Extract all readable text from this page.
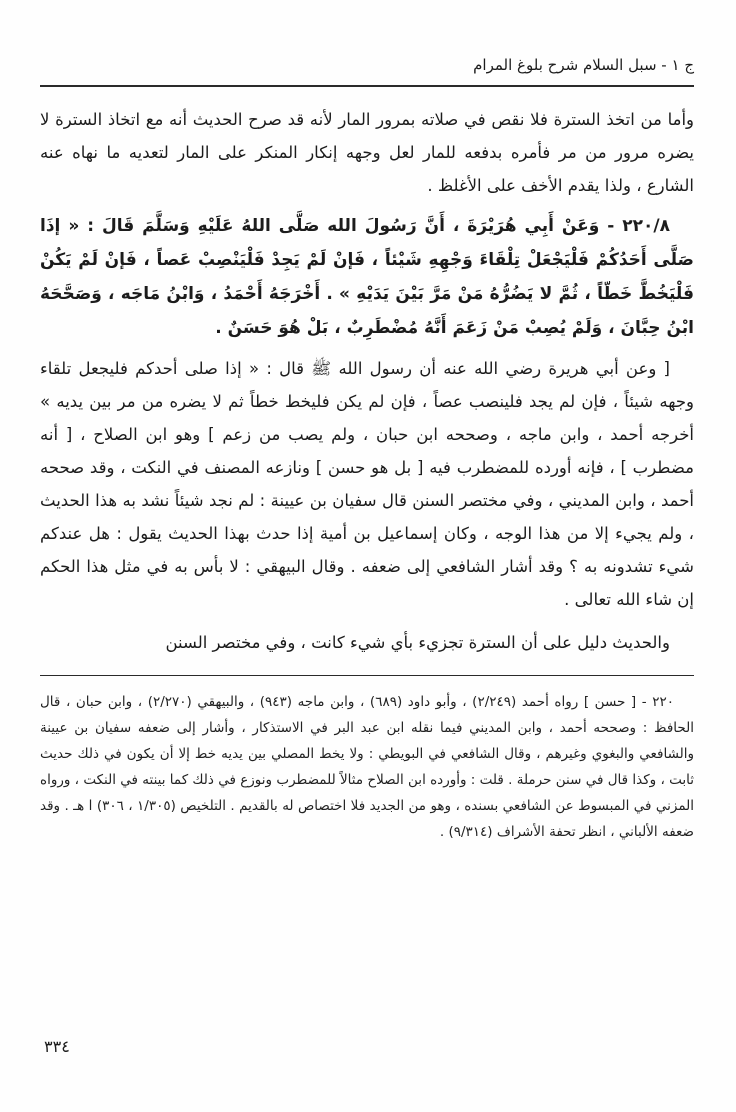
ج ١ - سبل السلام شرح بلوغ المرام

وأما من اتخذ السترة فلا نقص في صلاته بمرور المار لأنه قد صرح الحديث أنه مع اتخاذ السترة لا يضره مرور من مر فأمره بدفعه للمار لعل وجهه إنكار المنكر على المار لتعديه ما نهاه عنه الشارع ، ولذا يقدم الأخف على الأغلظ .

٢٢٠/٨ - وَعَنْ أَبِي هُرَيْرَةَ ، أَنَّ رَسُولَ الله صَلَّى اللهُ عَلَيْهِ وَسَلَّمَ قَالَ : « إذَا صَلَّى أَحَدُكُمْ فَلْيَجْعَلْ تِلْقَاءَ وَجْهِهِ شَيْئاً ، فَإنْ لَمْ يَجِدْ فَلْيَنْصِبْ عَصاً ، فَإنْ لَمْ يَكُنْ فَلْيَخُطَّ خَطّاً ، ثُمَّ لا يَضُرُّهُ مَنْ مَرَّ بَيْنَ يَدَيْهِ » . أَخْرَجَهُ أَحْمَدُ ، وَابْنُ مَاجَه ، وَصَحَّحَهُ ابْنُ حِبَّانَ ، وَلَمْ يُصِبْ مَنْ زَعَمَ أَنَّهُ مُضْطَرِبٌ ، بَلْ هُوَ حَسَنٌ .

[ وعن أبي هريرة رضي الله عنه أن رسول الله ﷺ قال : « إذا صلى أحدكم فليجعل تلقاء وجهه شيئاً ، فإن لم يجد فلينصب عصاً ، فإن لم يكن فليخط خطاً ثم لا يضره من مر بين يديه » أخرجه أحمد ، وابن ماجه ، وصححه ابن حبان ، ولم يصب من زعم ] وهو ابن الصلاح ، [ أنه مضطرب ] ، فإنه أورده للمضطرب فيه [ بل هو حسن ] ونازعه المصنف في النكت ، وقد صححه أحمد ، وابن المديني ، وفي مختصر السنن قال سفيان بن عيينة : لم نجد شيئاً نشد به هذا الحديث ، ولم يجيء إلا من هذا الوجه ، وكان إسماعيل بن أمية إذا حدث بهذا الحديث يقول : هل عندكم شيء تشدونه به ؟ وقد أشار الشافعي إلى ضعفه . وقال البيهقي : لا بأس به في مثل هذا الحكم إن شاء الله تعالى .

والحديث دليل على أن السترة تجزيء بأي شيء كانت ، وفي مختصر السنن

٢٢٠ - [ حسن ] رواه أحمد (٢/٢٤٩) ، وأبو داود (٦٨٩) ، وابن ماجه (٩٤٣) ، والبيهقي (٢/٢٧٠) ، وابن حبان ، قال الحافظ : وصححه أحمد ، وابن المديني فيما نقله ابن عبد البر في الاستذكار ، وأشار إلى ضعفه سفيان بن عيينة والشافعي والبغوي وغيرهم ، وقال الشافعي في البويطي : ولا يخط المصلي بين يديه خط إلا أن يكون في ذلك حديث ثابت ، وكذا قال في سنن حرملة . قلت : وأورده ابن الصلاح مثالاً للمضطرب ونوزع في ذلك كما بينته في النكت ، ورواه المزني في المبسوط عن الشافعي بسنده ، وهو من الجديد فلا اختصاص له بالقديم . التلخيص (١/٣٠٥ ، ٣٠٦) ا هـ . وقد ضعفه الألباني ، انظر تحفة الأشراف (٩/٣١٤) .

٣٣٤
